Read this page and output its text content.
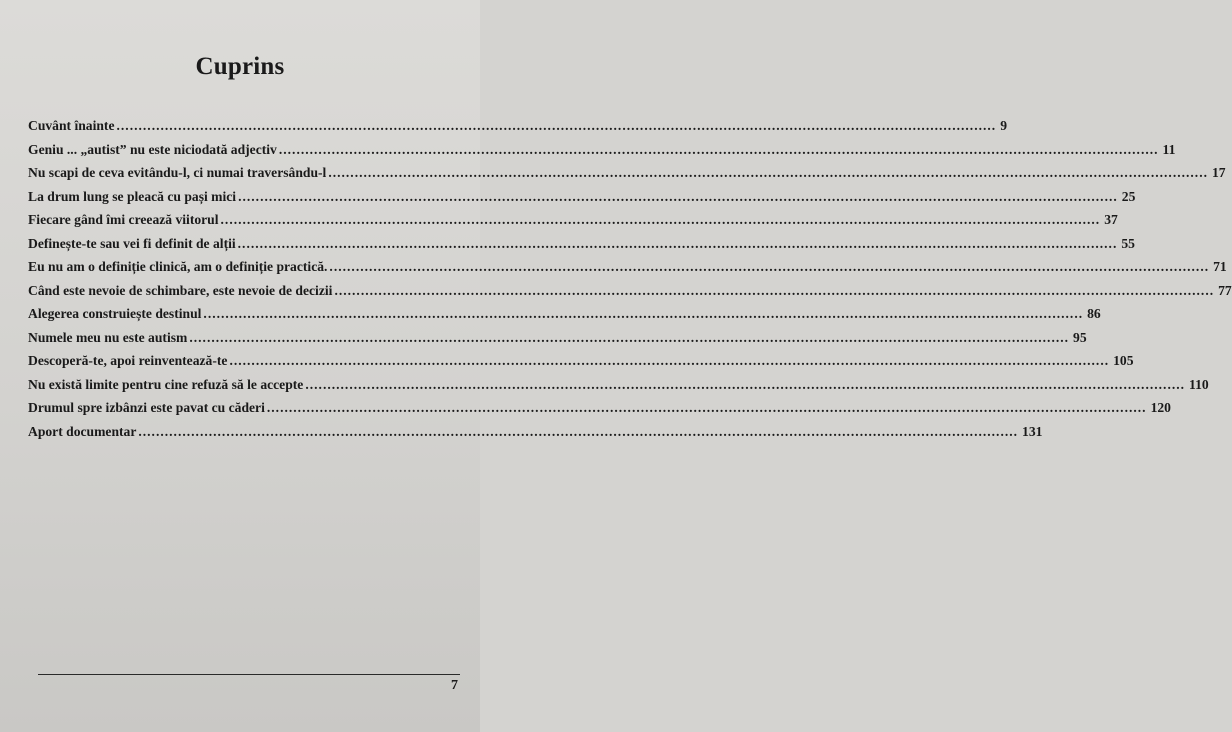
Cuprins
Cuvânt înainte ........................................................................................................................................................................................................ 9
Geniu ... „autist” nu este niciodată adjectiv ........................................................................................................................................................................................................ 11
Nu scapi de ceva evitându-l, ci numai traversându-l ........................................................................................................................................................................................................ 17
La drum lung se pleacă cu pași mici ........................................................................................................................................................................................................ 25
Fiecare gând îmi creează viitorul ........................................................................................................................................................................................................ 37
Definește-te sau vei fi definit de alții ........................................................................................................................................................................................................ 55
Eu nu am o definiție clinică, am o definiție practică. ........................................................................................................................................................................................................ 71
Când este nevoie de schimbare, este nevoie de decizii ........................................................................................................................................................................................................ 77
Alegerea construiește destinul ........................................................................................................................................................................................................ 86
Numele meu nu este autism ........................................................................................................................................................................................................ 95
Descoperă-te, apoi reinventează-te ........................................................................................................................................................................................................ 105
Nu există limite pentru cine refuză să le accepte ........................................................................................................................................................................................................ 110
Drumul spre izbânzi este pavat cu căderi ........................................................................................................................................................................................................ 120
Aport documentar ........................................................................................................................................................................................................ 131
7
